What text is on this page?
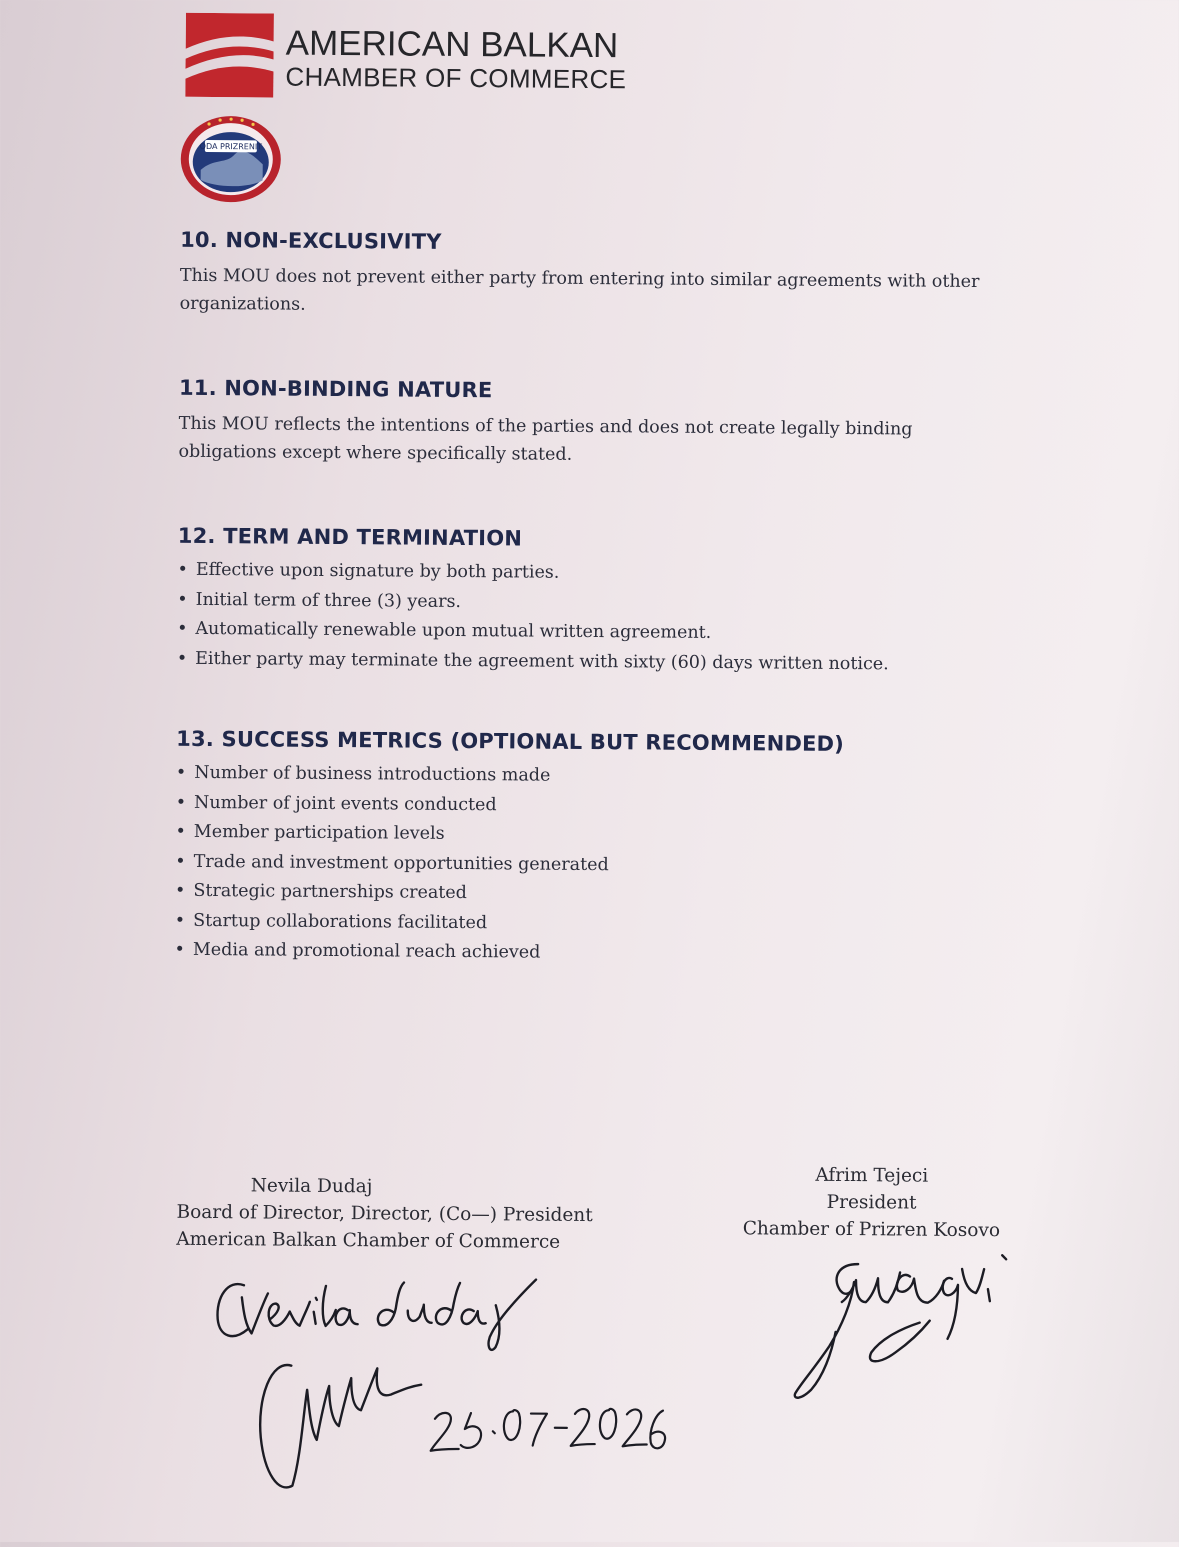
AMERICAN BALKAN
CHAMBER OF COMMERCE
ODA PRIZRENIT
10. NON-EXCLUSIVITY

This MOU does not prevent either party from entering into similar agreements with other
organizations.

11. NON-BINDING NATURE

This MOU reflects the intentions of the parties and does not create legally binding
obligations except where specifically stated.

12. TERM AND TERMINATION
• Effective upon signature by both parties.
• Initial term of three (3) years.
• Automatically renewable upon mutual written agreement.
• Either party may terminate the agreement with sixty (60) days written notice.
13. SUCCESS METRICS (OPTIONAL BUT RECOMMENDED)
• Number of business introductions made
• Number of joint events conducted
• Member participation levels
• Trade and investment opportunities generated
• Strategic partnerships created
• Startup collaborations facilitated
• Media and promotional reach achieved
Nevila Dudaj
Board of Director, Director, (Co—) President
American Balkan Chamber of Commerce
Afrim Tejeci
President
Chamber of Prizren Kosovo
